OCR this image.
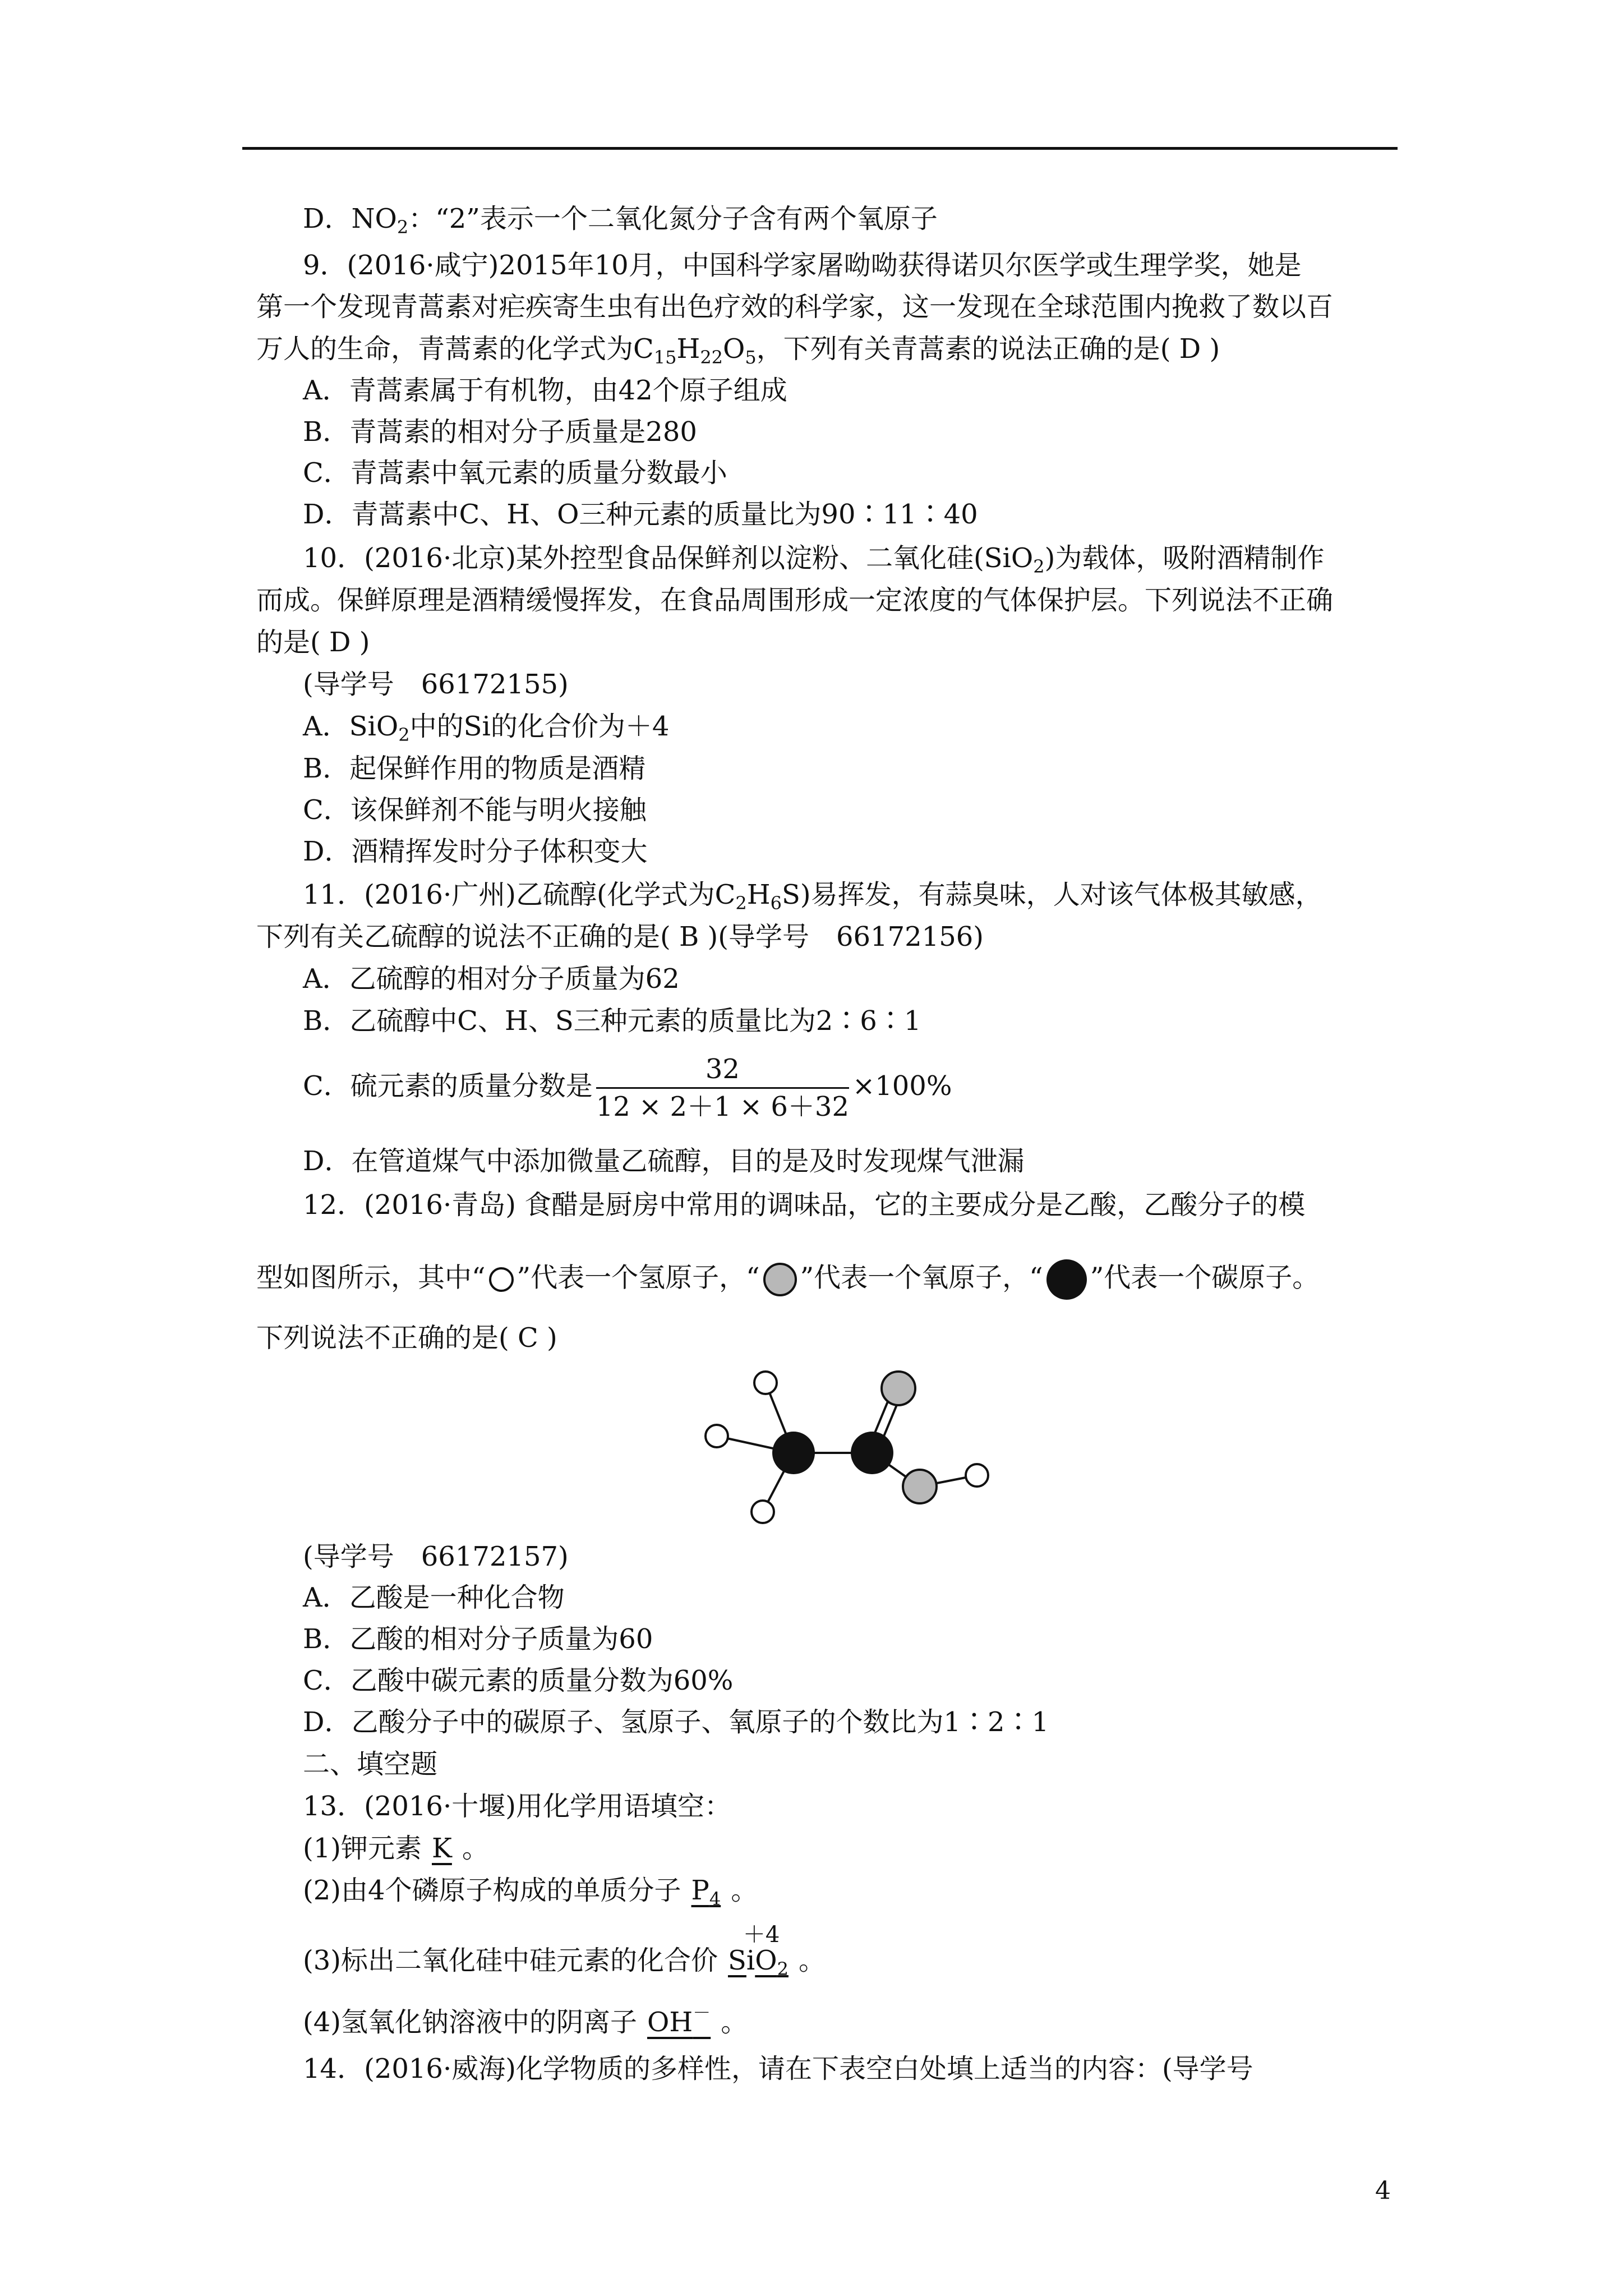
D．$NO_2$：“2”表示一个二氧化氮分子含有两个氧原子
9．(2016·咸宁)2015年10月，中国科学家屠呦呦获得诺贝尔医学或生理学奖，她是
第一个发现青蒿素对疟疾寄生虫有出色疗效的科学家，这一发现在全球范围内挽救了数以百
万人的生命，青蒿素的化学式为$C_{15}H_{22}O_5$，下列有关青蒿素的说法正确的是( D )
A．青蒿素属于有机物，由42个原子组成
B．青蒿素的相对分子质量是280
C．青蒿素中氧元素的质量分数最小
D．青蒿素中C、H、O三种元素的质量比为90∶11∶40
10．(2016·北京)某外控型食品保鲜剂以淀粉、二氧化硅(SiO$_2$)为载体，吸附酒精制作
而成。保鲜原理是酒精缓慢挥发，在食品周围形成一定浓度的气体保护层。下列说法不正确
的是( D )
(导学号　66172155)
A．SiO$_2$中的Si的化合价为＋4
B．起保鲜作用的物质是酒精
C．该保鲜剂不能与明火接触
D．酒精挥发时分子体积变大
11．(2016·广州)乙硫醇(化学式为$C_2H_6S$)易挥发，有蒜臭味，人对该气体极其敏感，
下列有关乙硫醇的说法不正确的是( B )(导学号　66172156)
A．乙硫醇的相对分子质量为62
B．乙硫醇中C、H、S三种元素的质量比为2∶6∶1
C．硫元素的质量分数是 $\frac{32}{12 \times 2+1 \times 6+32} \times 100\%$
D．在管道煤气中添加微量乙硫醇，目的是及时发现煤气泄漏
12．(2016·青岛) 食醋是厨房中常用的调味品，它的主要成分是乙酸，乙酸分子的模
型如图所示，其中“ ”代表一个氢原子，“ ”代表一个氧原子，“ ”代表一个碳原子。
下列说法不正确的是( C )
(导学号　66172157)
A．乙酸是一种化合物
B．乙酸的相对分子质量为60
C．乙酸中碳元素的质量分数为60%
D．乙酸分子中的碳原子、氢原子、氧原子的个数比为1∶2∶1
二、填空题
13．(2016·十堰)用化学用语填空：
(1)钾元素 K 。
(2)由4个磷原子构成的单质分子 $P_4$ 。
(3)标出二氧化硅中硅元素的化合价 S
＋4
$iO_2$ 。
(4)氢氧化钠溶液中的阴离子 OH－ 。
14．(2016·威海)化学物质的多样性，请在下表空白处填上适当的内容：(导学号
4
